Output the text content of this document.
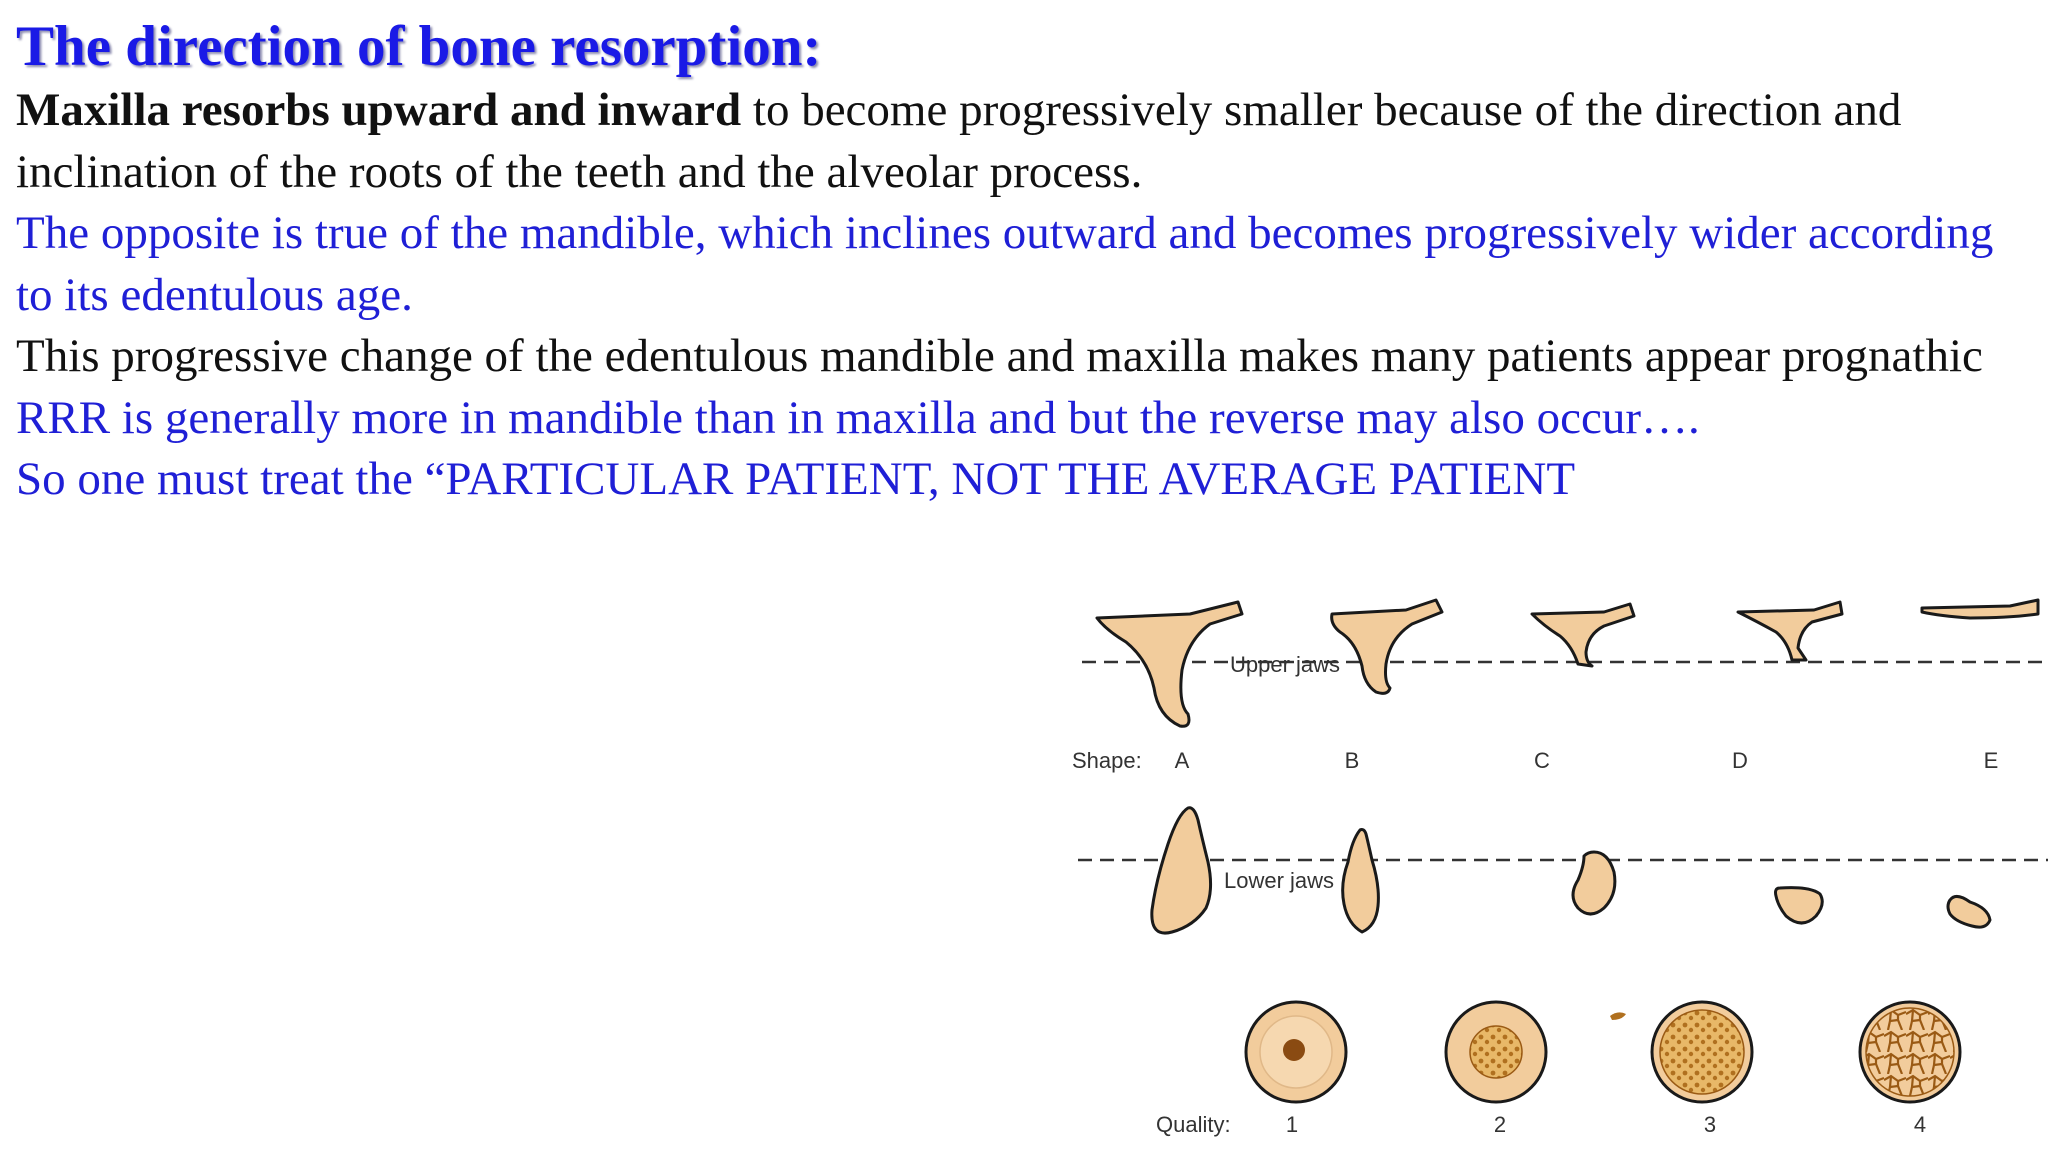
The direction of bone resorption:

Maxilla resorbs upward and inward to become progressively smaller because of the direction and inclination of the roots of the teeth and the alveolar process.

The opposite is true of the mandible, which inclines outward and becomes progressively wider according to its edentulous age.

This progressive change of the edentulous mandible and maxilla makes many patients appear prognathic

RRR is generally more in mandible than in maxilla and but the reverse may also occur….

So one must treat the “PARTICULAR PATIENT, NOT THE AVERAGE PATIENT

Shape: A	B	C	D	E
Lower jaws
Upper jaws
Quality:	1	2	3	4
